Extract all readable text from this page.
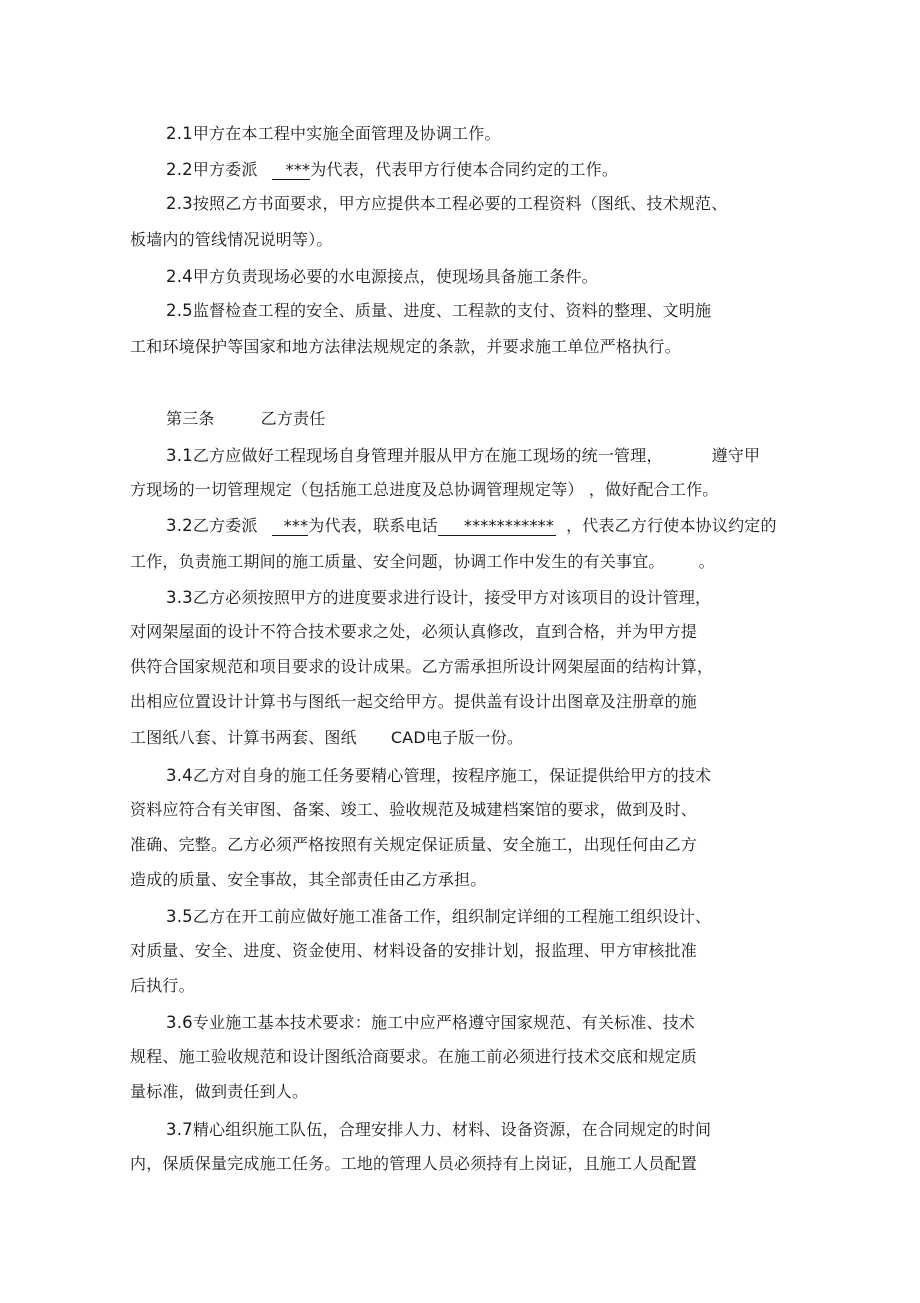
2.1甲方在本工程中实施全面管理及协调工作。
2.2甲方委派 ***为代表，代表甲方行使本合同约定的工作。
2.3按照乙方书面要求，甲方应提供本工程必要的工程资料（图纸、技术规范、
板墙内的管线情况说明等）。
2.4甲方负责现场必要的水电源接点，使现场具备施工条件。
2.5监督检查工程的安全、质量、进度、工程款的支付、资料的整理、文明施
工和环境保护等国家和地方法律法规规定的条款，并要求施工单位严格执行。
第三条	乙方责任
3.1乙方应做好工程现场自身管理并服从甲方在施工现场的统一管理，	遵守甲
方现场的一切管理规定（包括施工总进度及总协调管理规定等） ，做好配合工作。
3.2乙方委派 ***为代表，联系电话 *********** ，代表乙方行使本协议约定的
工作，负责施工期间的施工质量、安全问题，协调工作中发生的有关事宜。 。
3.3乙方必须按照甲方的进度要求进行设计，接受甲方对该项目的设计管理，
对网架屋面的设计不符合技术要求之处，必须认真修改，直到合格，并为甲方提
供符合国家规范和项目要求的设计成果。乙方需承担所设计网架屋面的结构计算，
出相应位置设计计算书与图纸一起交给甲方。提供盖有设计出图章及注册章的施
工图纸八套、计算书两套、图纸 CAD电子版一份。
3.4乙方对自身的施工任务要精心管理，按程序施工，保证提供给甲方的技术
资料应符合有关审图、备案、竣工、验收规范及城建档案馆的要求，做到及时、
准确、完整。乙方必须严格按照有关规定保证质量、安全施工，出现任何由乙方
造成的质量、安全事故，其全部责任由乙方承担。
3.5乙方在开工前应做好施工准备工作，组织制定详细的工程施工组织设计、
对质量、安全、进度、资金使用、材料设备的安排计划，报监理、甲方审核批准
后执行。
3.6专业施工基本技术要求：施工中应严格遵守国家规范、有关标准、技术
规程、施工验收规范和设计图纸洽商要求。在施工前必须进行技术交底和规定质
量标准，做到责任到人。
3.7精心组织施工队伍，合理安排人力、材料、设备资源，在合同规定的时间
内，保质保量完成施工任务。工地的管理人员必须持有上岗证，且施工人员配置
